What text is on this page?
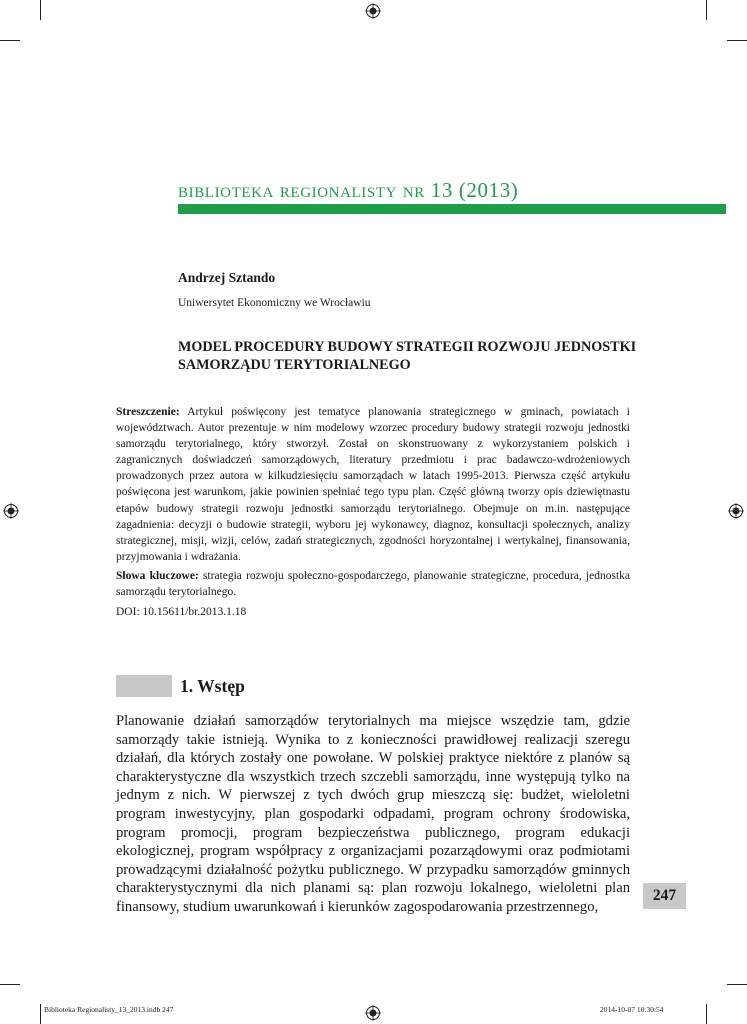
biblioteka regionalisty nr 13 (2013)
Andrzej Sztando
Uniwersytet Ekonomiczny we Wrocławiu
MODEL PROCEDURY BUDOWY STRATEGII ROZWOJU JEDNOSTKI SAMORZĄDU TERYTORIALNEGO

Streszczenie: Artykuł poświęcony jest tematyce planowania strategicznego w gminach, powiatach i województwach. Autor prezentuje w nim modelowy wzorzec procedury budowy strategii rozwoju jednostki samorządu terytorialnego, który stworzył. Został on skonstruowany z wykorzystaniem polskich i zagranicznych doświadczeń samorządowych, literatury przedmiotu i prac badawczo-wdrożeniowych prowadzonych przez autora w kilkudziesięciu samorządach w latach 1995-2013. Pierwsza część artykułu poświęcona jest warunkom, jakie powinien spełniać tego typu plan. Część główną tworzy opis dziewiętnastu etapów budowy strategii rozwoju jednostki samorządu terytorialnego. Obejmuje on m.in. następujące zagadnienia: decyzji o budowie strategii, wyboru jej wykonawcy, diagnoz, konsultacji społecznych, analizy strategicznej, misji, wizji, celów, zadań strategicznych, zgodności horyzontalnej i wertykalnej, finansowania, przyjmowania i wdrażania.

Słowa kluczowe: strategia rozwoju społeczno-gospodarczego, planowanie strategiczne, procedura, jednostka samorządu terytorialnego.

DOI: 10.15611/br.2013.1.18
1. Wstęp

Planowanie działań samorządów terytorialnych ma miejsce wszędzie tam, gdzie samorządy takie istnieją. Wynika to z konieczności prawidłowej realizacji szeregu działań, dla których zostały one powołane. W polskiej praktyce niektóre z planów są charakterystyczne dla wszystkich trzech szczebli samorządu, inne występują tylko na jednym z nich. W pierwszej z tych dwóch grup mieszczą się: budżet, wieloletni program inwestycyjny, plan gospodarki odpadami, program ochrony środowiska, program promocji, program bezpieczeństwa publicznego, program edukacji ekologicznej, program współpracy z organizacjami pozarządowymi oraz podmiotami prowadzącymi działalność pożytku publicznego. W przypadku samorządów gminnych charakterystycznymi dla nich planami są: plan rozwoju lokalnego, wieloletni plan finansowy, studium uwarunkowań i kierunków zagospodarowania przestrzennego,

247
Biblioteka Regionalisty_13_2013.indb 247	2014-10-07 10:30:54
